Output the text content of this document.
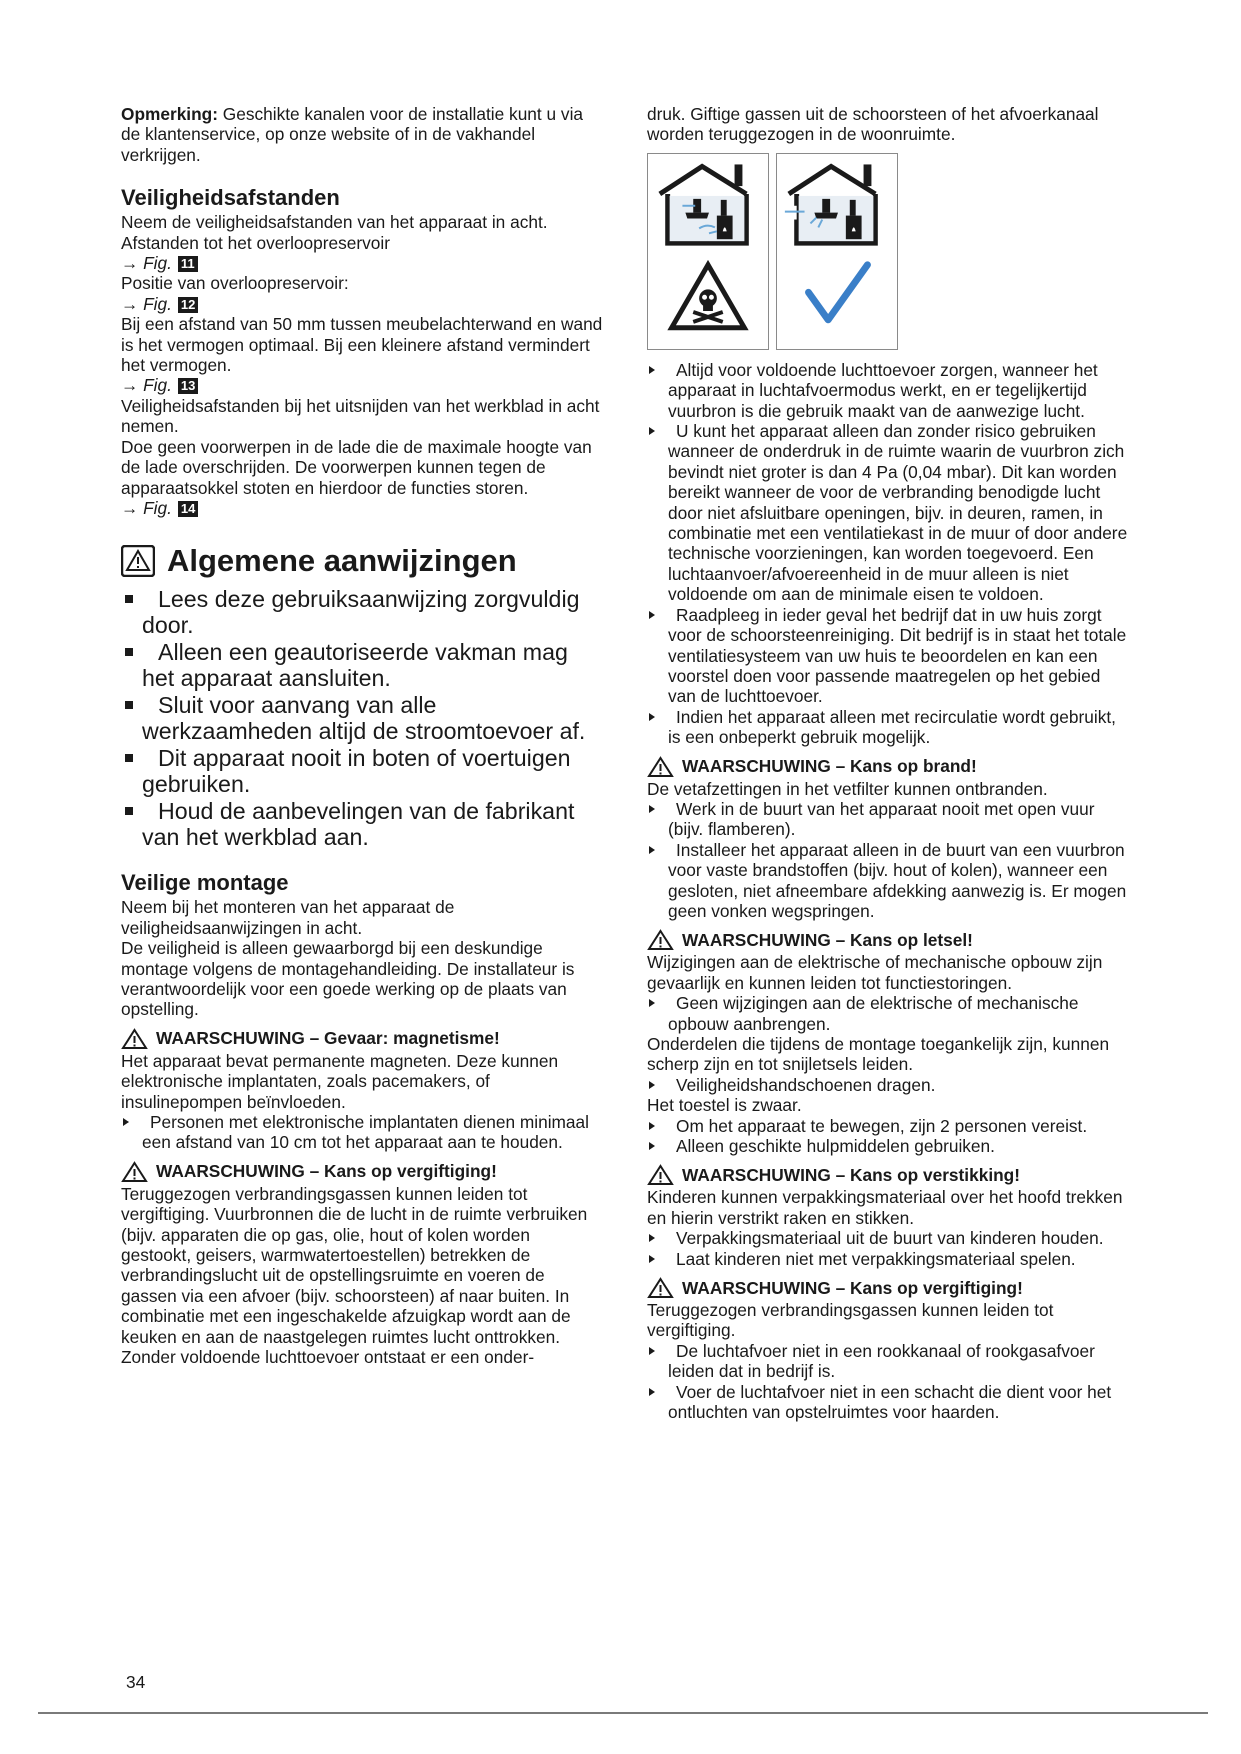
Opmerking: Geschikte kanalen voor de installatie kunt u via de klantenservice, op onze website of in de vakhandel verkrijgen.

Veiligheidsafstanden

Neem de veiligheidsafstanden van het apparaat in acht.

Afstanden tot het overloopreservoir

→ Fig. 11

Positie van overloopreservoir:

→ Fig. 12

Bij een afstand van 50 mm tussen meubelachterwand en wand is het vermogen optimaal. Bij een kleinere afstand vermindert het vermogen.

→ Fig. 13

Veiligheidsafstanden bij het uitsnijden van het werkblad in acht nemen.

Doe geen voorwerpen in de lade die de maximale hoogte van de lade overschrijden. De voorwerpen kunnen tegen de apparaatsokkel stoten en hierdoor de functies storen.

→ Fig. 14

Algemene aanwijzingen
Lees deze gebruiksaanwijzing zorgvuldig door.
Alleen een geautoriseerde vakman mag het apparaat aansluiten.
Sluit voor aanvang van alle werkzaamheden altijd de stroomtoevoer af.
Dit apparaat nooit in boten of voertuigen gebruiken.
Houd de aanbevelingen van de fabrikant van het werkblad aan.
Veilige montage

Neem bij het monteren van het apparaat de veiligheidsaanwijzingen in acht.

De veiligheid is alleen gewaarborgd bij een deskundige montage volgens de montagehandleiding. De installateur is verantwoordelijk voor een goede werking op de plaats van opstelling.

WAARSCHUWING – Gevaar: magnetisme!

Het apparaat bevat permanente magneten. Deze kunnen elektronische implantaten, zoals pacemakers, of insulinepompen beïnvloeden.

Personen met elektronische implantaten dienen minimaal een afstand van 10 cm tot het apparaat aan te houden.
WAARSCHUWING – Kans op vergiftiging!

Teruggezogen verbrandingsgassen kunnen leiden tot vergiftiging. Vuurbronnen die de lucht in de ruimte verbruiken (bijv. apparaten die op gas, olie, hout of kolen worden gestookt, geisers, warmwatertoestellen) betrekken de verbrandingslucht uit de opstellingsruimte en voeren de gassen via een afvoer (bijv. schoorsteen) af naar buiten. In combinatie met een ingeschakelde afzuigkap wordt aan de keuken en aan de naastgelegen ruimtes lucht onttrokken. Zonder voldoende luchttoevoer ontstaat er een onder-

druk. Giftige gassen uit de schoorsteen of het afvoerkanaal worden teruggezogen in de woonruimte.

Altijd voor voldoende luchttoevoer zorgen, wanneer het apparaat in luchtafvoermodus werkt, en er tegelijkertijd vuurbron is die gebruik maakt van de aanwezige lucht.
U kunt het apparaat alleen dan zonder risico gebruiken wanneer de onderdruk in de ruimte waarin de vuurbron zich bevindt niet groter is dan 4 Pa (0,04 mbar). Dit kan worden bereikt wanneer de voor de verbranding benodigde lucht door niet afsluitbare openingen, bijv. in deuren, ramen, in combinatie met een ventilatiekast in de muur of door andere technische voorzieningen, kan worden toegevoerd. Een luchtaanvoer/afvoereenheid in de muur alleen is niet voldoende om aan de minimale eisen te voldoen.
Raadpleeg in ieder geval het bedrijf dat in uw huis zorgt voor de schoorsteenreiniging. Dit bedrijf is in staat het totale ventilatiesysteem van uw huis te beoordelen en kan een voorstel doen voor passende maatregelen op het gebied van de luchttoevoer.
Indien het apparaat alleen met recirculatie wordt gebruikt, is een onbeperkt gebruik mogelijk.
WAARSCHUWING – Kans op brand!

De vetafzettingen in het vetfilter kunnen ontbranden.

Werk in de buurt van het apparaat nooit met open vuur (bijv. flamberen).
Installeer het apparaat alleen in de buurt van een vuurbron voor vaste brandstoffen (bijv. hout of kolen), wanneer een gesloten, niet afneembare afdekking aanwezig is. Er mogen geen vonken wegspringen.
WAARSCHUWING – Kans op letsel!

Wijzigingen aan de elektrische of mechanische opbouw zijn gevaarlijk en kunnen leiden tot functiestoringen.

Geen wijzigingen aan de elektrische of mechanische opbouw aanbrengen.

Onderdelen die tijdens de montage toegankelijk zijn, kunnen scherp zijn en tot snijletsels leiden.

Veiligheidshandschoenen dragen.

Het toestel is zwaar.

Om het apparaat te bewegen, zijn 2 personen vereist.
Alleen geschikte hulpmiddelen gebruiken.
WAARSCHUWING – Kans op verstikking!

Kinderen kunnen verpakkingsmateriaal over het hoofd trekken en hierin verstrikt raken en stikken.

Verpakkingsmateriaal uit de buurt van kinderen houden.
Laat kinderen niet met verpakkingsmateriaal spelen.
WAARSCHUWING – Kans op vergiftiging!

Teruggezogen verbrandingsgassen kunnen leiden tot vergiftiging.

De luchtafvoer niet in een rookkanaal of rookgasafvoer leiden dat in bedrijf is.
Voer de luchtafvoer niet in een schacht die dient voor het ontluchten van opstelruimtes voor haarden.
34
